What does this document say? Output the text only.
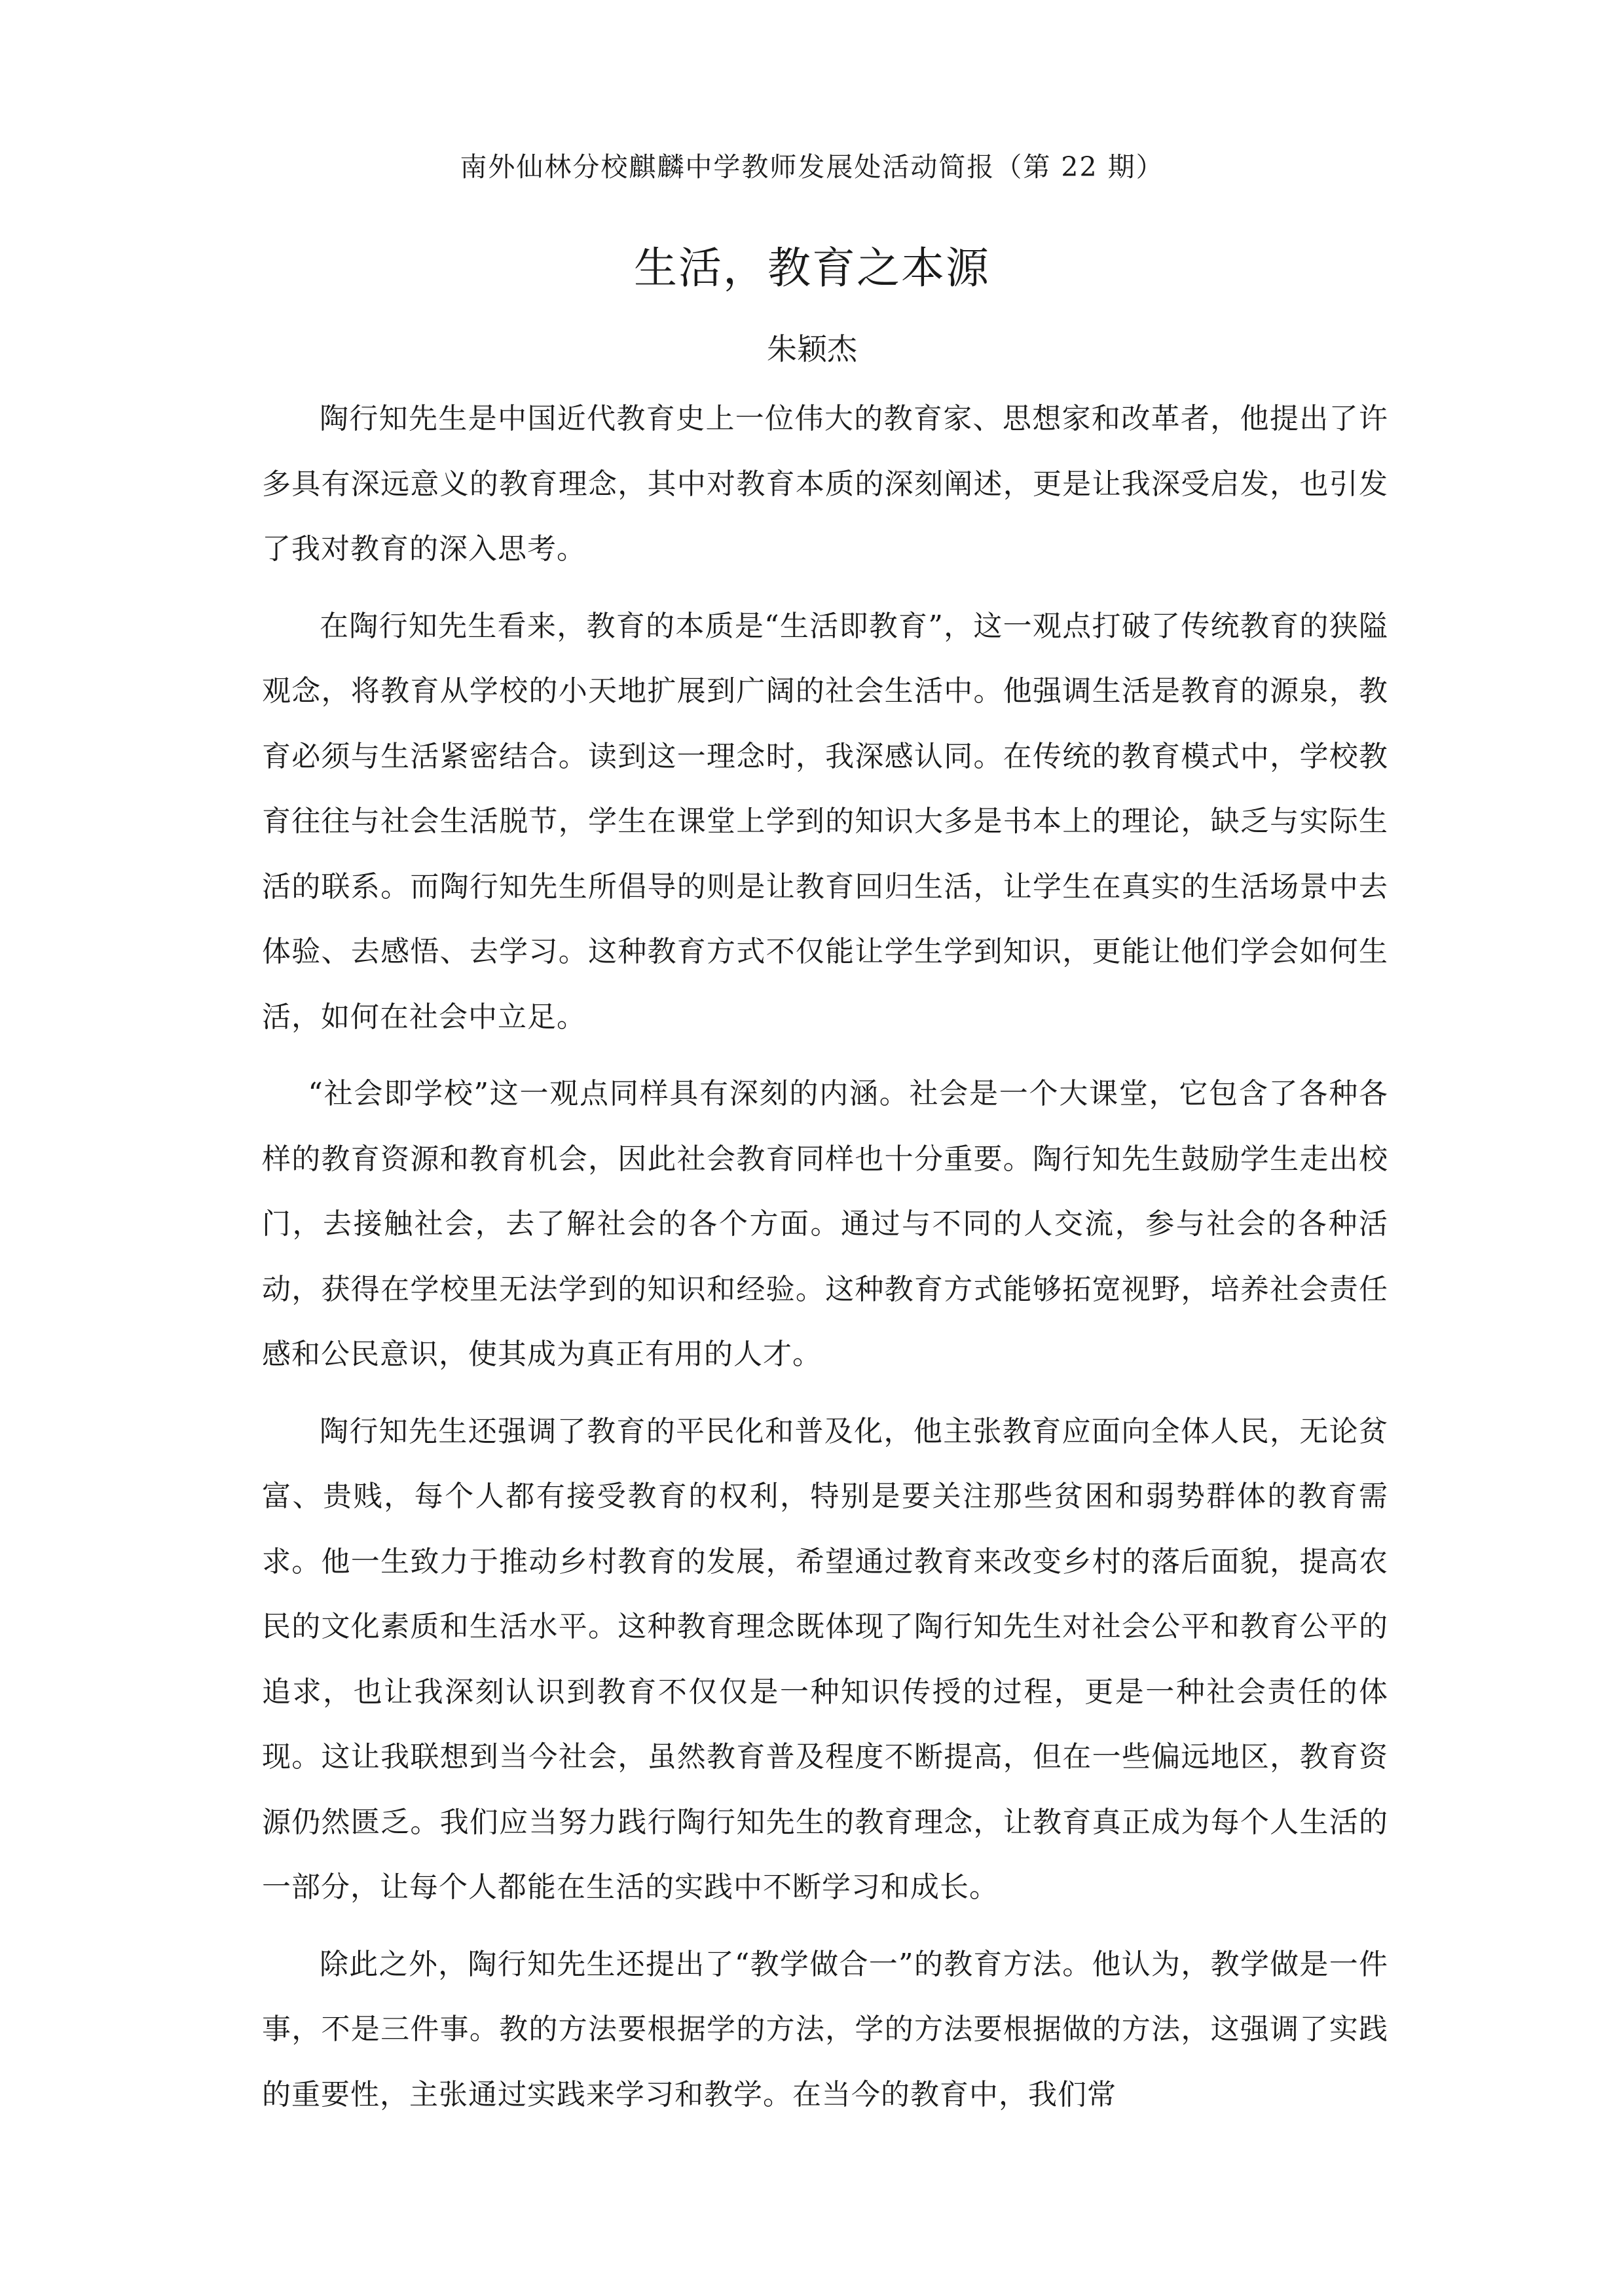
南外仙林分校麒麟中学教师发展处活动简报（第 22 期）
生活，教育之本源
朱颖杰

陶行知先生是中国近代教育史上一位伟大的教育家、思想家和改革者，他提出了许多具有深远意义的教育理念，其中对教育本质的深刻阐述，更是让我深受启发，也引发了我对教育的深入思考。

在陶行知先生看来，教育的本质是“生活即教育”，这一观点打破了传统教育的狭隘观念，将教育从学校的小天地扩展到广阔的社会生活中。他强调生活是教育的源泉，教育必须与生活紧密结合。读到这一理念时，我深感认同。在传统的教育模式中，学校教育往往与社会生活脱节，学生在课堂上学到的知识大多是书本上的理论，缺乏与实际生活的联系。而陶行知先生所倡导的则是让教育回归生活，让学生在真实的生活场景中去体验、去感悟、去学习。这种教育方式不仅能让学生学到知识，更能让他们学会如何生活，如何在社会中立足。

“社会即学校”这一观点同样具有深刻的内涵。社会是一个大课堂，它包含了各种各样的教育资源和教育机会，因此社会教育同样也十分重要。陶行知先生鼓励学生走出校门，去接触社会，去了解社会的各个方面。通过与不同的人交流，参与社会的各种活动，获得在学校里无法学到的知识和经验。这种教育方式能够拓宽视野，培养社会责任感和公民意识，使其成为真正有用的人才。

陶行知先生还强调了教育的平民化和普及化，他主张教育应面向全体人民，无论贫富、贵贱，每个人都有接受教育的权利，特别是要关注那些贫困和弱势群体的教育需求。他一生致力于推动乡村教育的发展，希望通过教育来改变乡村的落后面貌，提高农民的文化素质和生活水平。这种教育理念既体现了陶行知先生对社会公平和教育公平的追求，也让我深刻认识到教育不仅仅是一种知识传授的过程，更是一种社会责任的体现。这让我联想到当今社会，虽然教育普及程度不断提高，但在一些偏远地区，教育资源仍然匮乏。我们应当努力践行陶行知先生的教育理念，让教育真正成为每个人生活的一部分，让每个人都能在生活的实践中不断学习和成长。

除此之外，陶行知先生还提出了“教学做合一”的教育方法。他认为，教学做是一件事，不是三件事。教的方法要根据学的方法，学的方法要根据做的方法，这强调了实践的重要性，主张通过实践来学习和教学。在当今的教育中，我们常
